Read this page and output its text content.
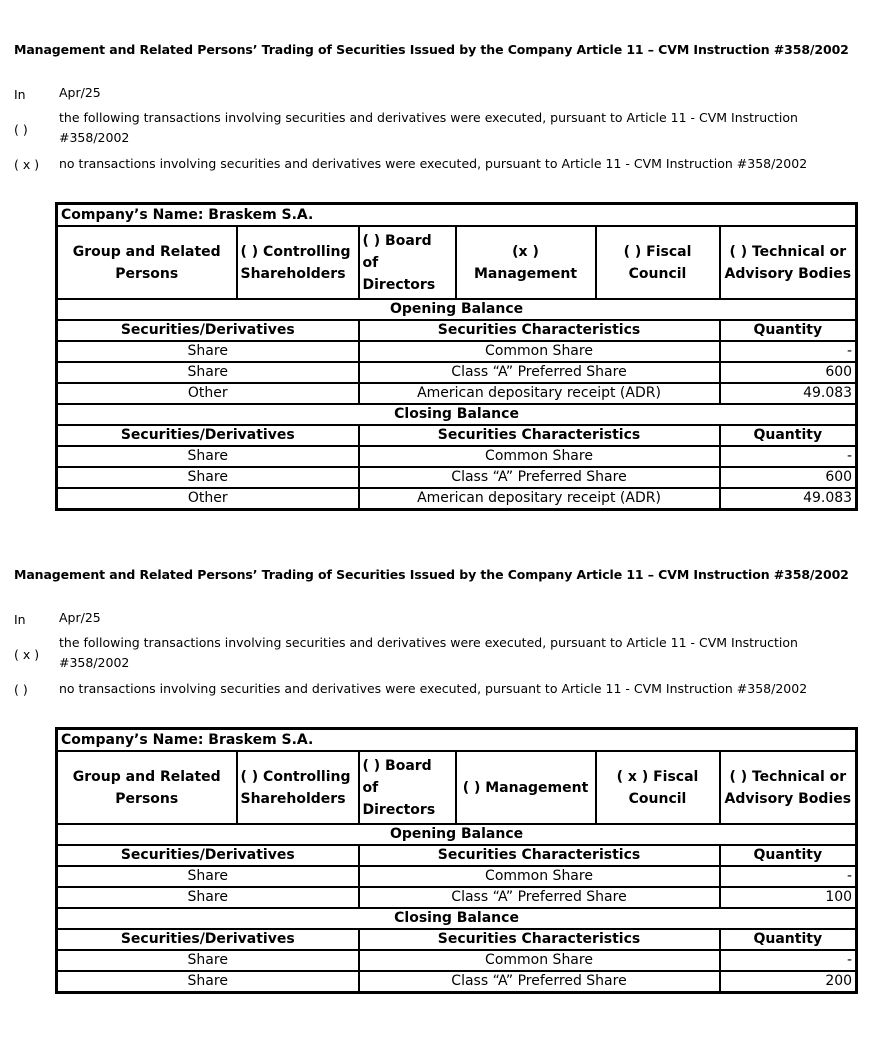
Management and Related Persons’ Trading of Securities Issued by the Company Article 11 – CVM Instruction #358/2002
In	Apr/25
( )
the following transactions involving securities and derivatives were executed, pursuant to Article 11 - CVM Instruction #358/2002
( x ) no transactions involving securities and derivatives were executed, pursuant to Article 11 - CVM Instruction #358/2002
Company’s Name: Braskem S.A.					
Group and Related Persons	( ) Controlling Shareholders	( ) Board of Directors	(x ) Management	( ) Fiscal Council	( ) Technical or Advisory Bodies
Opening Balance					
Securities/Derivatives		Securities Characteristics			Quantity
Share		Common Share			-
Share		Class “A” Preferred Share			600
Other		American depositary receipt (ADR)			49.083
Closing Balance					
Securities/Derivatives		Securities Characteristics			Quantity
Share		Common Share			-
Share		Class “A” Preferred Share			600
Other		American depositary receipt (ADR)			49.083
Management and Related Persons’ Trading of Securities Issued by the Company Article 11 – CVM Instruction #358/2002
In	Apr/25
( x )
the following transactions involving securities and derivatives were executed, pursuant to Article 11 - CVM Instruction #358/2002
( )	no transactions involving securities and derivatives were executed, pursuant to Article 11 - CVM Instruction #358/2002
Company’s Name: Braskem S.A.					
Group and Related Persons	( ) Controlling Shareholders	( ) Board of Directors	( ) Management	( x ) Fiscal Council	( ) Technical or Advisory Bodies
Opening Balance					
Securities/Derivatives		Securities Characteristics			Quantity
Share		Common Share			-
Share		Class “A” Preferred Share			100
Closing Balance					
Securities/Derivatives		Securities Characteristics			Quantity
Share		Common Share			-
Share		Class “A” Preferred Share			200
